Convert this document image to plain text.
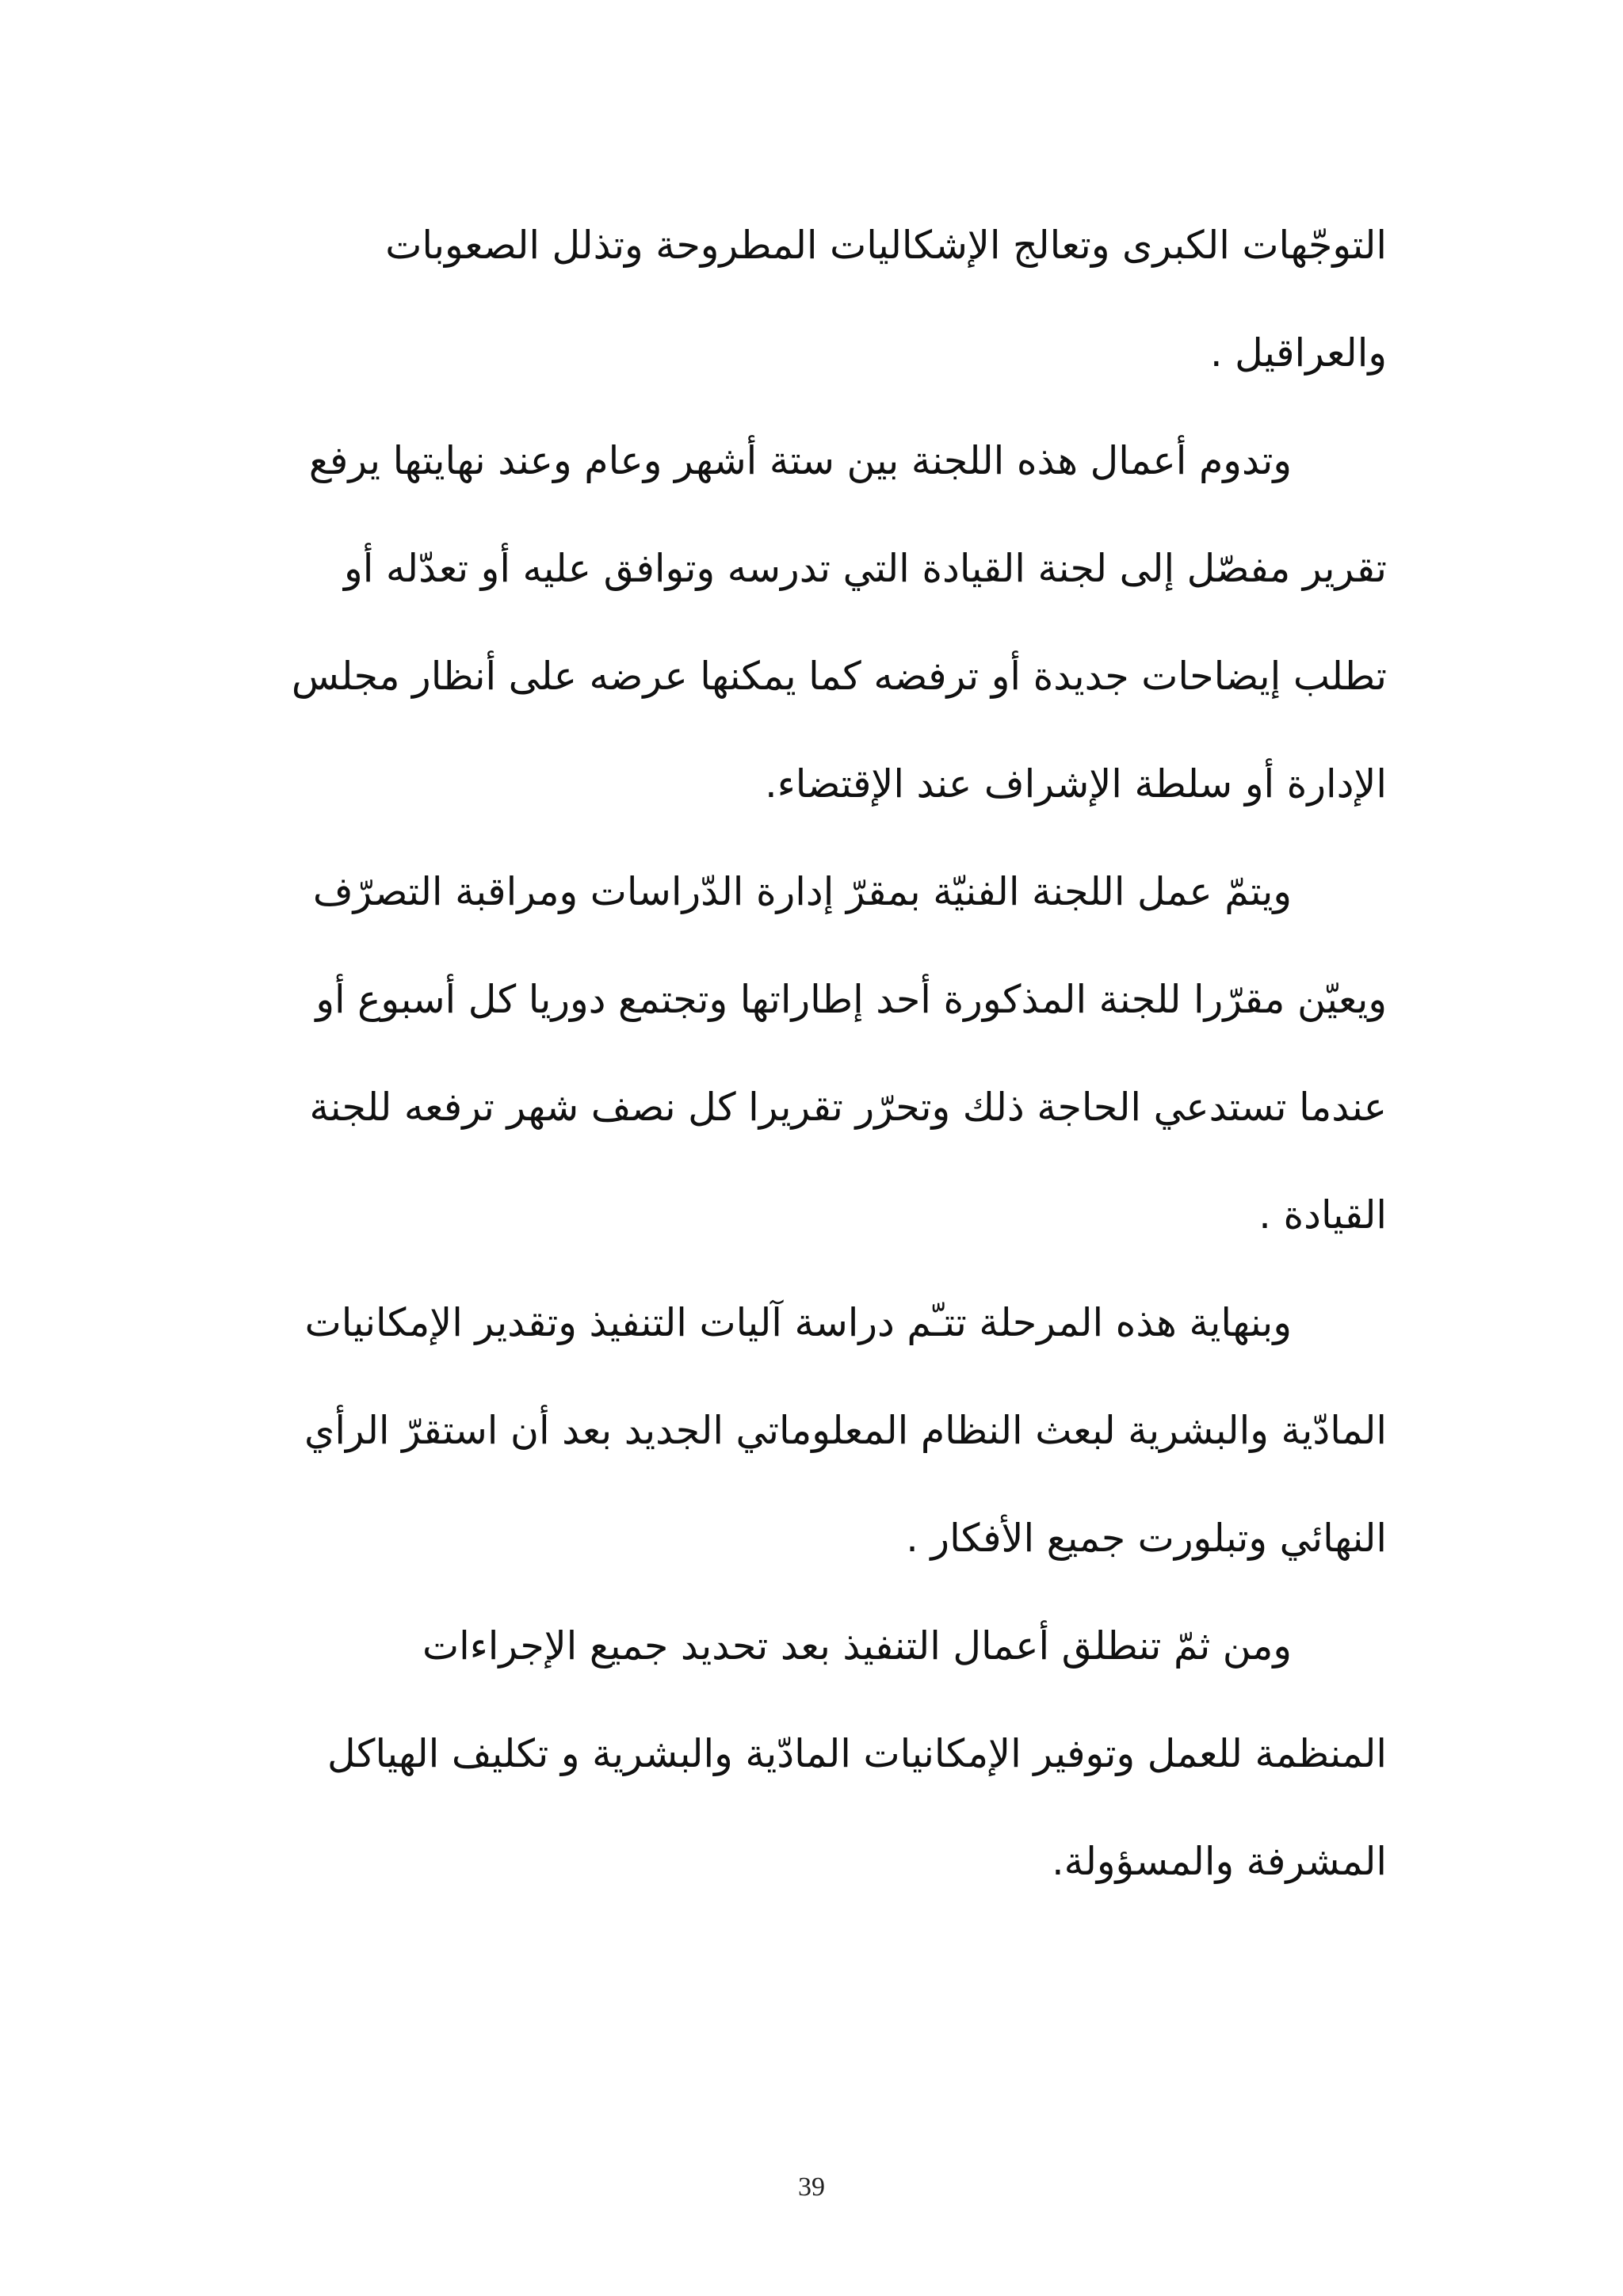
التوجّهات الكبرى وتعالج الإشكاليات المطروحة وتذلل الصعوبات
والعراقيل .
وتدوم أعمال هذه اللجنة بين ستة أشهر وعام وعند نهايتها يرفع
تقرير مفصّل إلى لجنة القيادة التي تدرسه وتوافق عليه أو تعدّله أو
تطلب إيضاحات جديدة أو ترفضه كما يمكنها عرضه على أنظار مجلس
الإدارة أو سلطة الإشراف عند الإقتضاء.
ويتمّ عمل اللجنة الفنيّة بمقرّ إدارة الدّراسات ومراقبة التصرّف
ويعيّن مقرّرا للجنة المذكورة أحد إطاراتها وتجتمع دوريا كل أسبوع أو
عندما تستدعي الحاجة ذلك وتحرّر تقريرا كل نصف شهر ترفعه للجنة
القيادة .
وبنهاية هذه المرحلة تتـّم دراسة آليات التنفيذ وتقدير الإمكانيات
المادّية والبشرية لبعث النظام المعلوماتي الجديد بعد أن استقرّ الرأي
النهائي وتبلورت جميع الأفكار .
ومن ثمّ تنطلق أعمال التنفيذ بعد تحديد جميع الإجراءات
المنظمة للعمل وتوفير الإمكانيات المادّية والبشرية و تكليف الهياكل
المشرفة والمسؤولة.
39
